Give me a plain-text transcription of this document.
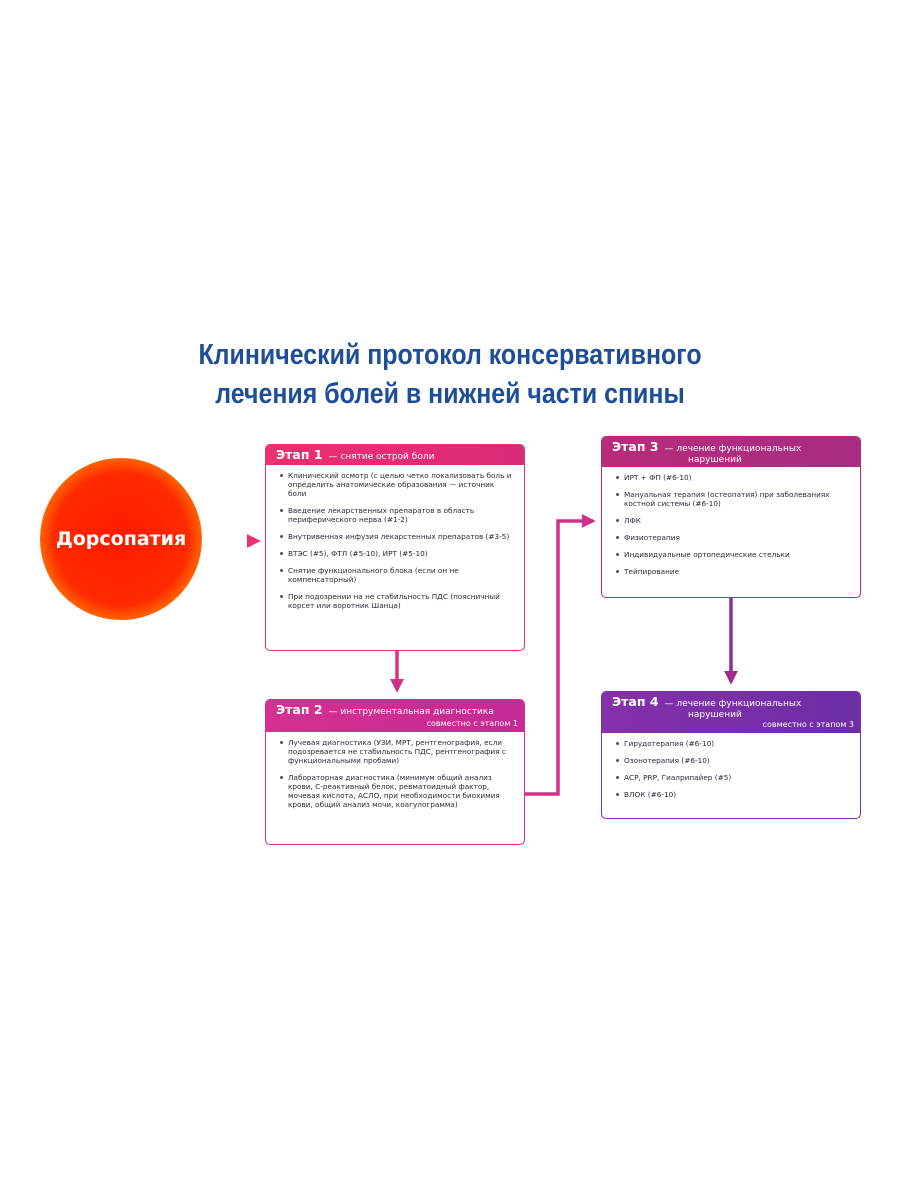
Клинический протокол консервативного
лечения болей в нижней части спины
Дорсопатия
Этап 1 — снятие острой боли
Клинический осмотр (с целью четко локализовать боль и определить анатомические образования — источник боли
Введение лекарственных препаратов в область периферического нерва (#1-2)
Внутривенная инфузия лекарстенных препаратов (#3-5)
ВТЭС (#5), ФТЛ (#5-10), ИРТ (#5-10)
Снятие функционального блока (если он не компенсаторный)
При подозрении на не стабильность ПДС (поясничный корсет или воротник Шанца)
Этап 2 — инструментальная диагностика
совместно с этапом 1
Лучевая диагностика (УЗИ, МРТ, рентгенография, если подозревается не стабильность ПДС, рентгенография с функциональными пробами)
Лабораторная диагностика (минимум общий анализ крови, С-реактивный белок, ревматоидный фактор, мочевая кислота, АСЛО, при необходимости биохимия крови, общий анализ мочи, коагулограмма)
Этап 3 — лечение функциональных
нарушений
ИРТ + ФП (#6-10)
Мануальная терапия (остеопатия) при заболеваниях костной системы (#6-10)
ЛФК
Физиотерапия
Индивидуальные ортопедические стельки
Тейпирование
Этап 4 — лечение функциональных
нарушений
совместно с этапом 3
Гирудотерапия (#6-10)
Озонотерапия (#6-10)
АСР, PRP, Гиалрипайер (#5)
ВЛОК (#6-10)
